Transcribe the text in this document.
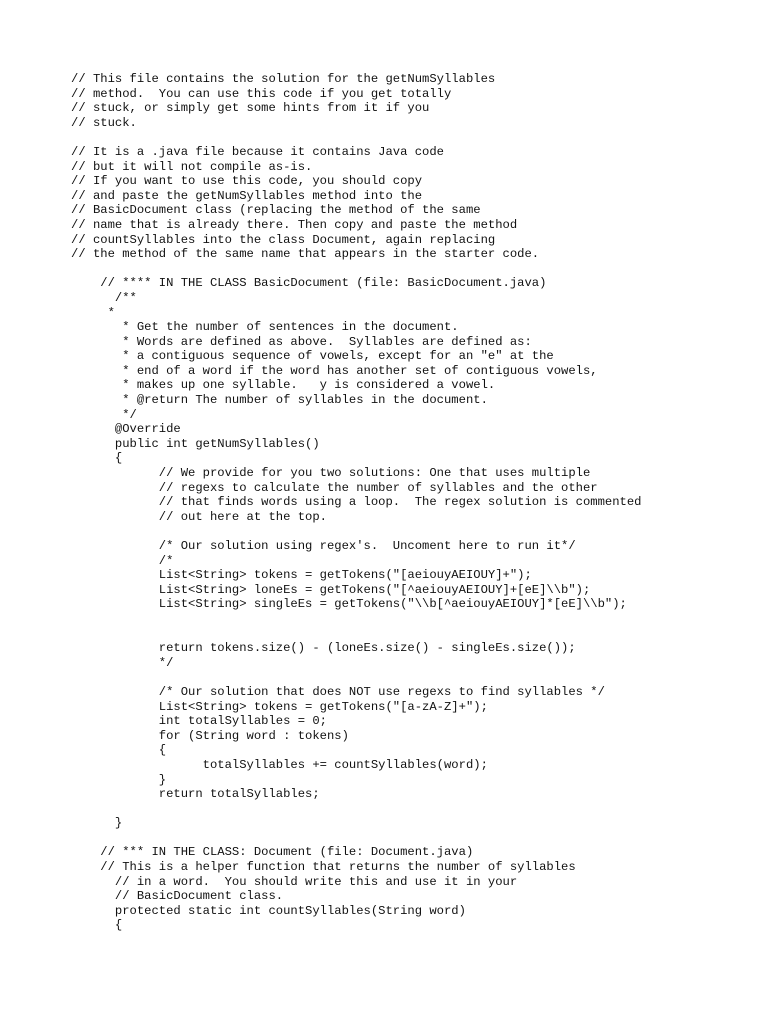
// This file contains the solution for the getNumSyllables
// method.  You can use this code if you get totally
// stuck, or simply get some hints from it if you
// stuck.
// It is a .java file because it contains Java code
// but it will not compile as-is.
// If you want to use this code, you should copy
// and paste the getNumSyllables method into the
// BasicDocument class (replacing the method of the same
// name that is already there. Then copy and paste the method
// countSyllables into the class Document, again replacing
// the method of the same name that appears in the starter code.
// **** IN THE CLASS BasicDocument (file: BasicDocument.java)
/**
*
* Get the number of sentences in the document.
* Words are defined as above.  Syllables are defined as:
* a contiguous sequence of vowels, except for an "e" at the
* end of a word if the word has another set of contiguous vowels,
* makes up one syllable.   y is considered a vowel.
* @return The number of syllables in the document.
*/
@Override
public int getNumSyllables()
{
// We provide for you two solutions: One that uses multiple
// regexs to calculate the number of syllables and the other
// that finds words using a loop.  The regex solution is commented
// out here at the top.
/* Our solution using regex's.  Uncoment here to run it*/
/*
List<String> tokens = getTokens("[aeiouyAEIOUY]+");
List<String> loneEs = getTokens("[^aeiouyAEIOUY]+[eE]\\b");
List<String> singleEs = getTokens("\\b[^aeiouyAEIOUY]*[eE]\\b");
return tokens.size() - (loneEs.size() - singleEs.size());
*/
/* Our solution that does NOT use regexs to find syllables */
List<String> tokens = getTokens("[a-zA-Z]+");
int totalSyllables = 0;
for (String word : tokens)
{
totalSyllables += countSyllables(word);
}
return totalSyllables;
}
// *** IN THE CLASS: Document (file: Document.java)
// This is a helper function that returns the number of syllables
// in a word.  You should write this and use it in your
// BasicDocument class.
protected static int countSyllables(String word)
{
